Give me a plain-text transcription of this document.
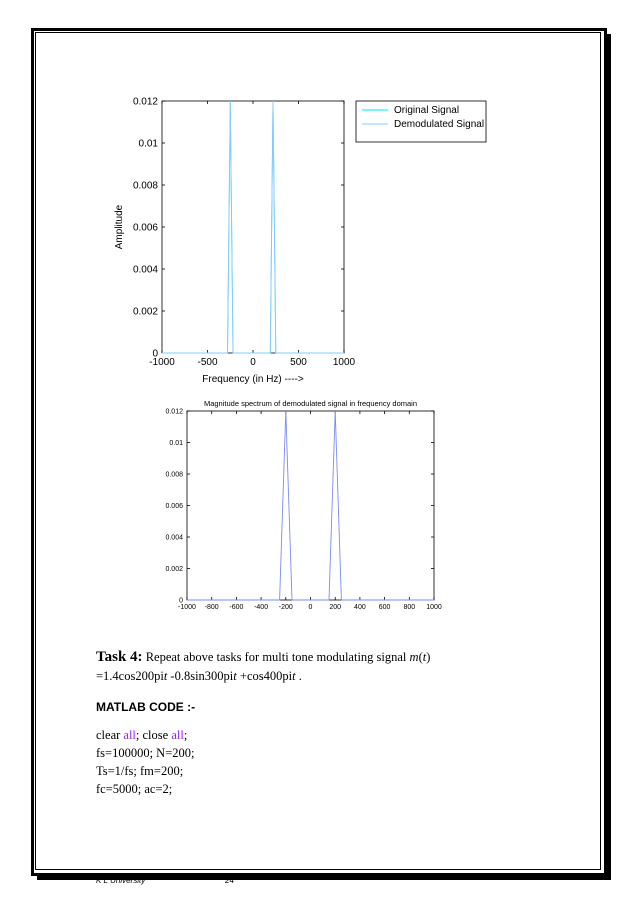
-1000 -500	0	500	1000
0
0.002
0.004
0.006
0.008
0.01
0.012
Frequency (in Hz) ---->
Amplitude
Original Signal
Demodulated Signal
-1000 -800 -600 -400 -200 0 200 400 600 800 1000
0
0.002
0.004
0.006
0.008
0.01
0.012
Magnitude spectrum of demodulated signal in frequency domain
Task 4: Repeat above tasks for multi tone modulating signal m(t)
=1.4cos200pit -0.8sin300pit +cos400pit .
MATLAB CODE :-
clear all; close all;
fs=100000; N=200;
Ts=1/fs; fm=200;
fc=5000; ac=2;
K L University	24
